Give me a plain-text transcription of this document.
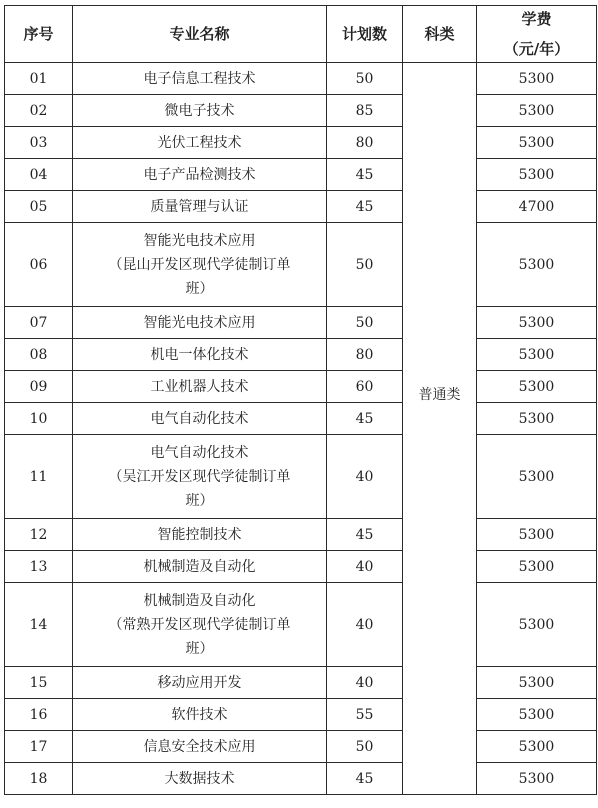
序号	专业名称	计划数	科类	学费
（元/年）

01	电子信息工程技术	50	普通类	5300
02	微电子技术	85		5300
03	光伏工程技术	80		5300
04	电子产品检测技术	45		5300
05	质量管理与认证	45		4700
06	智能光电技术应用
（昆山开发区现代学徒制订单
班）	50		5300
07	智能光电技术应用	50		5300
08	机电一体化技术	80		5300
09	工业机器人技术	60		5300
10	电气自动化技术	45		5300
11	电气自动化技术
（吴江开发区现代学徒制订单
班）	40		5300
12	智能控制技术	45		5300
13	机械制造及自动化	40		5300
14	机械制造及自动化
（常熟开发区现代学徒制订单
班）	40		5300
15	移动应用开发	40		5300
16	软件技术	55		5300
17	信息安全技术应用	50		5300
18	大数据技术	45		5300
